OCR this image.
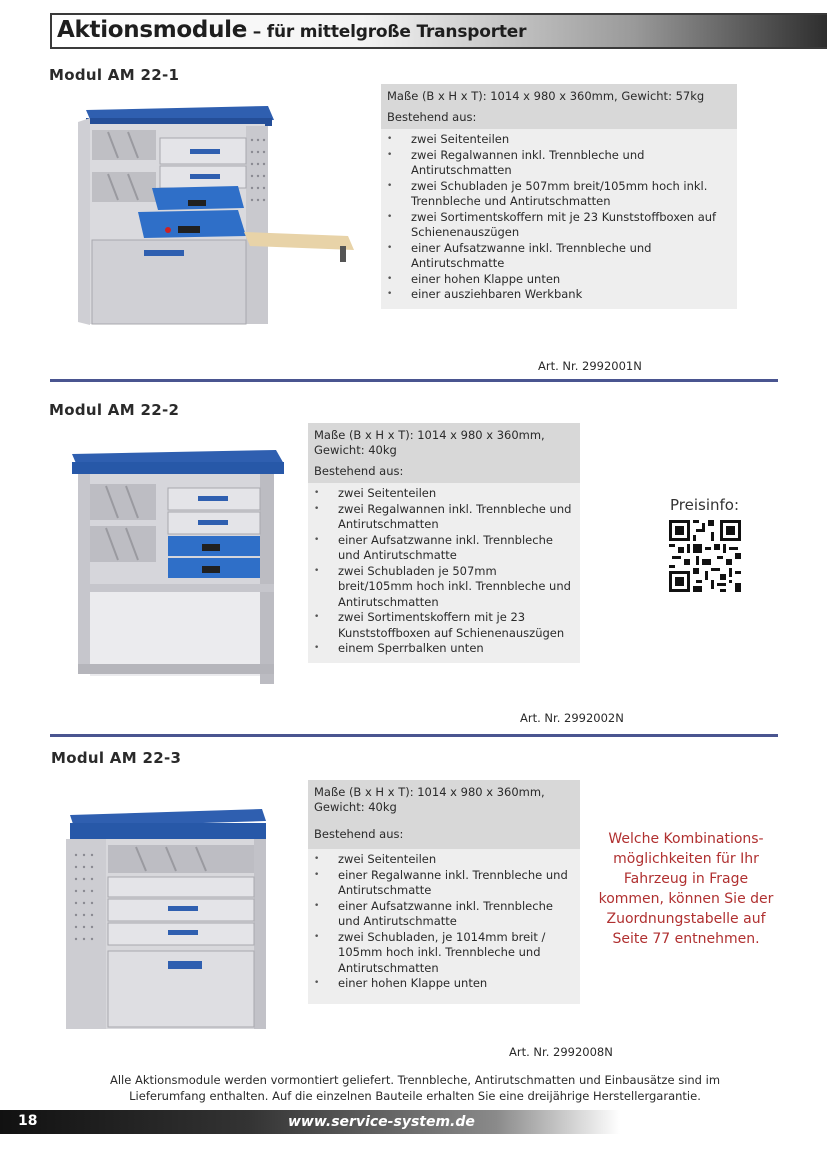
Aktionsmodule – für mittelgroße Transporter
Modul AM 22-1
Maße (B x H x T): 1014 x 980 x 360mm, Gewicht: 57kg
Bestehend aus:
• zwei Seitenteilen
• zwei Regalwannen inkl. Trennbleche und Antirutschmatten
• zwei Schubladen je 507mm breit/105mm hoch inkl. Trennbleche und Antirutschmatten
• zwei Sortimentskoffern mit je 23 Kunststoffboxen auf Schienenauszügen
• einer Aufsatzwanne inkl. Trennbleche und Antirutschmatte
• einer hohen Klappe unten
• einer ausziehbaren Werkbank
Art. Nr. 2992001N
Modul AM 22-2
Maße (B x H x T): 1014 x 980 x 360mm, Gewicht: 40kg
Bestehend aus:
• zwei Seitenteilen
• zwei Regalwannen inkl. Trennbleche und Antirutschmatten
• einer Aufsatzwanne inkl. Trennbleche und Antirutschmatte
• zwei Schubladen je 507mm breit/105mm hoch inkl. Trennbleche und Antirutschmatten
• zwei Sortimentskoffern mit je 23 Kunststoffboxen auf Schienenauszügen
• einem Sperrbalken unten
Preisinfo:
Art. Nr. 2992002N
Modul AM 22-3
Maße (B x H x T): 1014 x 980 x 360mm, Gewicht: 40kg
Bestehend aus:
• zwei Seitenteilen
• einer Regalwanne inkl. Trennbleche und Antirutschmatte
• einer Aufsatzwanne inkl. Trennbleche und Antirutschmatte
• zwei Schubladen, je 1014mm breit / 105mm hoch inkl. Trennbleche und Antirutschmatten
• einer hohen Klappe unten
Welche Kombinations-möglichkeiten für Ihr Fahrzeug in Frage kommen, können Sie der Zuordnungstabelle auf Seite 77 entnehmen.
Art. Nr. 2992008N
Alle Aktionsmodule werden vormontiert geliefert. Trennbleche, Antirutschmatten und Einbausätze sind im Lieferumfang enthalten. Auf die einzelnen Bauteile erhalten Sie eine dreijährige Herstellergarantie.
18	www.service-system.de
